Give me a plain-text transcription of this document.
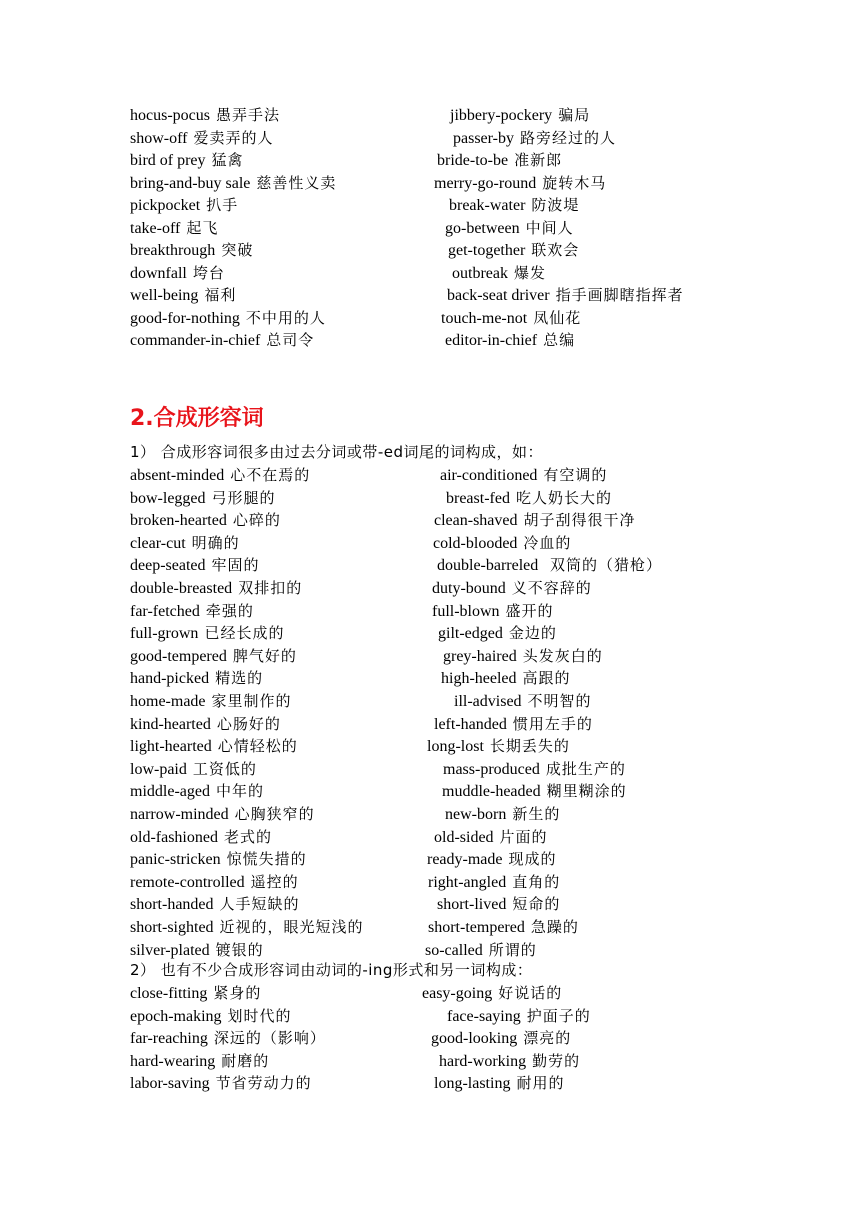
hocus-pocus 愚弄手法	jibbery-pockery 骗局
show-off 爱卖弄的人	passer-by 路旁经过的人
bird of prey 猛禽	bride-to-be 准新郎
bring-and-buy sale 慈善性义卖	merry-go-round 旋转木马
pickpocket 扒手	break-water 防波堤
take-off 起飞	go-between 中间人
breakthrough 突破	get-together 联欢会
downfall 垮台	outbreak 爆发
well-being 福利	back-seat driver 指手画脚瞎指挥者
good-for-nothing 不中用的人	touch-me-not 凤仙花
commander-in-chief 总司令	editor-in-chief 总编
2.合成形容词
1） 合成形容词很多由过去分词或带-ed词尾的词构成，如：
absent-minded 心不在焉的	air-conditioned 有空调的
bow-legged 弓形腿的	breast-fed 吃人奶长大的
broken-hearted 心碎的	clean-shaved 胡子刮得很干净
clear-cut 明确的	cold-blooded 冷血的
deep-seated 牢固的	double-barreled 双筒的（猎枪）
double-breasted 双排扣的	duty-bound 义不容辞的
far-fetched 牵强的	full-blown 盛开的
full-grown 已经长成的	gilt-edged 金边的
good-tempered 脾气好的	grey-haired 头发灰白的
hand-picked 精选的	high-heeled 高跟的
home-made 家里制作的	ill-advised 不明智的
kind-hearted 心肠好的	left-handed 惯用左手的
light-hearted 心情轻松的	long-lost 长期丢失的
low-paid 工资低的	mass-produced 成批生产的
middle-aged 中年的	muddle-headed 糊里糊涂的
narrow-minded 心胸狭窄的	new-born 新生的
old-fashioned 老式的	old-sided 片面的
panic-stricken 惊慌失措的	ready-made 现成的
remote-controlled 遥控的	right-angled 直角的
short-handed 人手短缺的	short-lived 短命的
short-sighted 近视的，眼光短浅的	short-tempered 急躁的
silver-plated 镀银的	so-called 所谓的
2） 也有不少合成形容词由动词的-ing形式和另一词构成：
close-fitting 紧身的	easy-going 好说话的
epoch-making 划时代的	face-saying 护面子的
far-reaching 深远的（影响）	good-looking 漂亮的
hard-wearing 耐磨的	hard-working 勤劳的
labor-saving 节省劳动力的	long-lasting 耐用的
